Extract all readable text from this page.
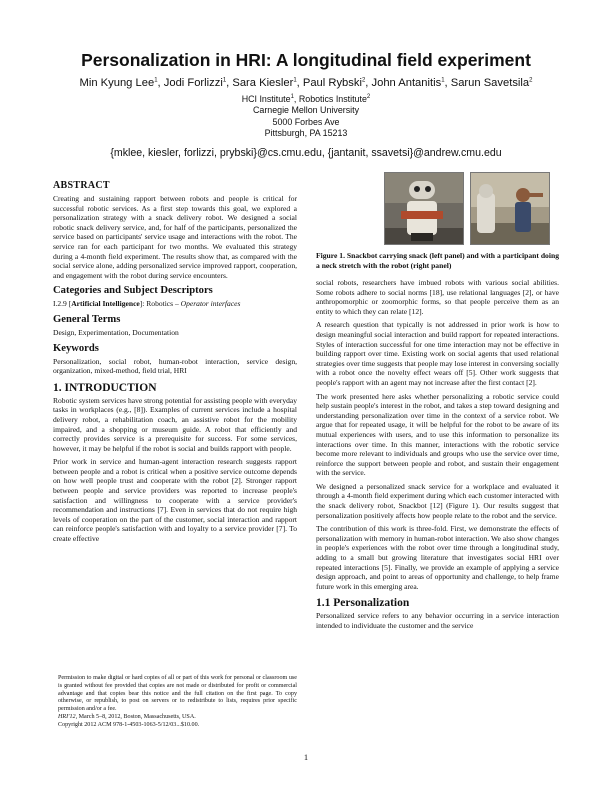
Personalization in HRI: A longitudinal field experiment
Min Kyung Lee$^1$, Jodi Forlizzi$^1$, Sara Kiesler$^1$, Paul Rybski$^2$, John Antanitis$^1$, Sarun Savetsila$^2$
HCI Institute$^1$, Robotics Institute$^2$
Carnegie Mellon University
5000 Forbes Ave
Pittsburgh, PA 15213
{mklee, kiesler, forlizzi, prybski}@cs.cmu.edu, {jantanit, ssavetsi}@andrew.cmu.edu
ABSTRACT

Creating and sustaining rapport between robots and people is critical for successful robotic services. As a first step towards this goal, we explored a personalization strategy with a snack delivery robot. We designed a social robotic snack delivery service, and, for half of the participants, personalized the service based on participants' service usage and interactions with the robot. The service ran for each participant for two months. We evaluated this strategy during a 4-month field experiment. The results show that, as compared with the social service alone, adding personalized service improved rapport, cooperation, and engagement with the robot during service encounters.

Categories and Subject Descriptors

I.2.9 [Artificial Intelligence]: Robotics – Operator interfaces

General Terms

Design, Experimentation, Documentation

Keywords

Personalization, social robot, human-robot interaction, service design, organization, mixed-method, field trial, HRI

1. INTRODUCTION

Robotic system services have strong potential for assisting people with everyday tasks in workplaces (e.g., [8]). Examples of current services include a hospital delivery robot, a rehabilitation coach, an assistive robot for the mobility impaired, and a shopping or museum guide. A robot that efficiently and correctly provides service is a prerequisite for success. For some services, however, it may be helpful if the robot is social and builds rapport with people.

Prior work in service and human-agent interaction research suggests rapport between people and a robot is critical when a positive service outcome depends on how well people trust and cooperate with the robot [2]. Stronger rapport between people and service providers was reported to increase people's satisfaction and willingness to cooperate with a service provider's recommendation and instructions [7]. Even in services that do not require high levels of cooperation on the part of the customer, social interaction and rapport can reinforce people's satisfaction with and loyalty to a service provider [7]. To create effective

Permission to make digital or hard copies of all or part of this work for personal or classroom use is granted without fee provided that copies are not made or distributed for profit or commercial advantage and that copies bear this notice and the full citation on the first page. To copy otherwise, or republish, to post on servers or to redistribute to lists, requires prior specific permission and/or a fee.

HRI'12, March 5–8, 2012, Boston, Massachusetts, USA.

Copyright 2012 ACM 978-1-4503-1063-5/12/03...$10.00.

Figure 1. Snackbot carrying snack (left panel) and with a participant doing a neck stretch with the robot (right panel)

social robots, researchers have imbued robots with various social abilities. Some robots adhere to social norms [18], use relational languages [2], or have anthropomorphic or zoomorphic forms, so that people perceive them as an entity to which they can relate [12].

A research question that typically is not addressed in prior work is how to design meaningful social interaction and build rapport for repeated interactions. Styles of interaction successful for one time interaction may not be effective in building rapport over time. Existing work on social agents that used relational strategies over time suggests that people may lose interest in conversing socially with a robot once the novelty effect wears off [5]. Other work suggests that people's rapport with an agent may not increase after the first contact [2].

The work presented here asks whether personalizing a robotic service could help sustain people's interest in the robot, and takes a step toward designing and understanding personalization over time in the context of a service robot. We argue that for repeated usage, it will be helpful for the robot to be aware of its mutual experiences with users, and to use this information to personalize its interactions over time. In this manner, interactions with the robotic service become more relevant to individuals and groups who use the service over time, reinforce the support between people and robot, and sustain their engagement with the service.

We designed a personalized snack service for a workplace and evaluated it through a 4-month field experiment during which each customer interacted with the snack delivery robot, Snackbot [12] (Figure 1). Our results suggest that personalization positively affects how people relate to the robot and the service.

The contribution of this work is three-fold. First, we demonstrate the effects of personalization with memory in human-robot interaction. We also show changes in people's experiences with the robot over time through a longitudinal study, adding to a small but growing literature that investigates social HRI over repeated interactions [5]. Finally, we provide an example of applying a service design approach, and point to areas of opportunity and challenge, to help frame future work in this emerging area.

1.1 Personalization

Personalized service refers to any behavior occurring in a service interaction intended to individuate the customer and the service

1
